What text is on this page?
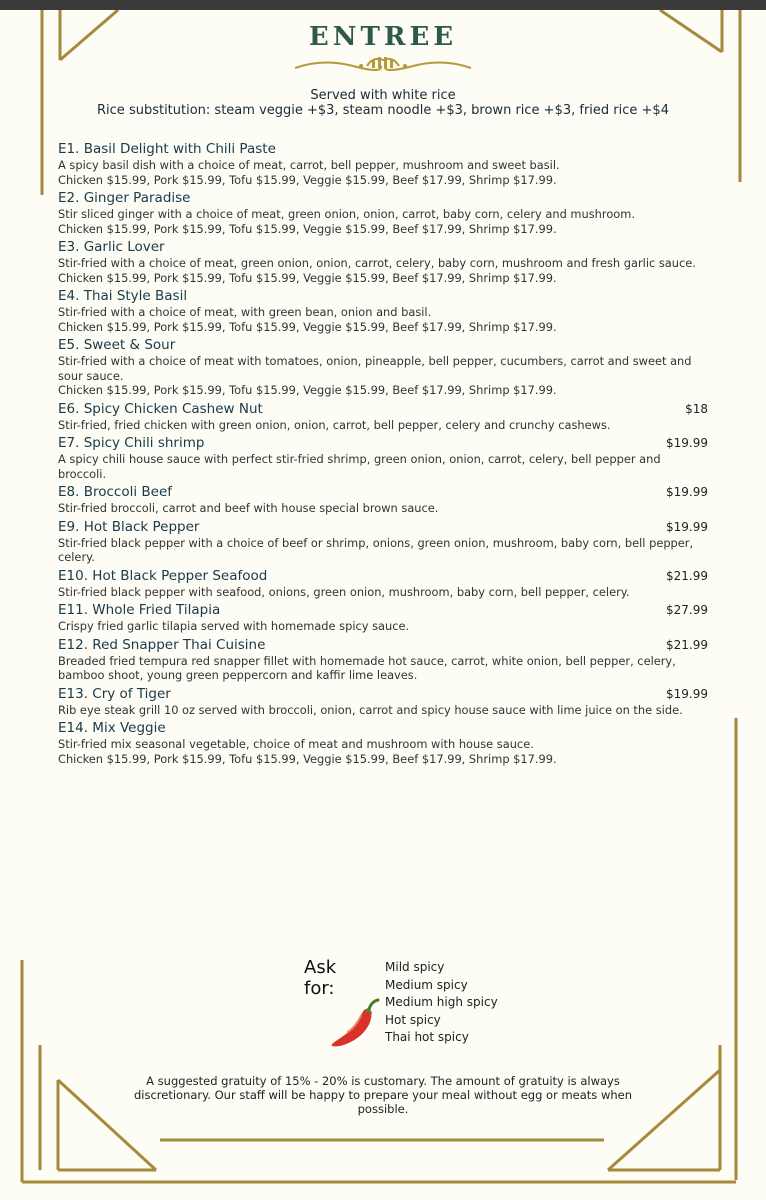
ENTREE
Served with white rice
Rice substitution: steam veggie +$3, steam noodle +$3, brown rice +$3, fried rice +$4
E1. Basil Delight with Chili Paste
A spicy basil dish with a choice of meat, carrot, bell pepper, mushroom and sweet basil.
Chicken $15.99, Pork $15.99, Tofu $15.99, Veggie $15.99, Beef $17.99, Shrimp $17.99.
E2. Ginger Paradise
Stir sliced ginger with a choice of meat, green onion, onion, carrot, baby corn, celery and mushroom.
Chicken $15.99, Pork $15.99, Tofu $15.99, Veggie $15.99, Beef $17.99, Shrimp $17.99.
E3. Garlic Lover
Stir-fried with a choice of meat, green onion, onion, carrot, celery, baby corn, mushroom and fresh garlic sauce.
Chicken $15.99, Pork $15.99, Tofu $15.99, Veggie $15.99, Beef $17.99, Shrimp $17.99.
E4. Thai Style Basil
Stir-fried with a choice of meat, with green bean, onion and basil.
Chicken $15.99, Pork $15.99, Tofu $15.99, Veggie $15.99, Beef $17.99, Shrimp $17.99.
E5. Sweet & Sour
Stir-fried with a choice of meat with tomatoes, onion, pineapple, bell pepper, cucumbers, carrot and sweet and sour sauce.
Chicken $15.99, Pork $15.99, Tofu $15.99, Veggie $15.99, Beef $17.99, Shrimp $17.99.
E6. Spicy Chicken Cashew Nut	$18
Stir-fried, fried chicken with green onion, onion, carrot, bell pepper, celery and crunchy cashews.
E7. Spicy Chili shrimp	$19.99
A spicy chili house sauce with perfect stir-fried shrimp, green onion, onion, carrot, celery, bell pepper and broccoli.
E8. Broccoli Beef	$19.99
Stir-fried broccoli, carrot and beef with house special brown sauce.
E9. Hot Black Pepper	$19.99
Stir-fried black pepper with a choice of beef or shrimp, onions, green onion, mushroom, baby corn, bell pepper, celery.
E10. Hot Black Pepper Seafood	$21.99
Stir-fried black pepper with seafood, onions, green onion, mushroom, baby corn, bell pepper, celery.
E11. Whole Fried Tilapia	$27.99
Crispy fried garlic tilapia served with homemade spicy sauce.
E12. Red Snapper Thai Cuisine	$21.99
Breaded fried tempura red snapper fillet with homemade hot sauce, carrot, white onion, bell pepper, celery, bamboo shoot, young green peppercorn and kaffir lime leaves.
E13. Cry of Tiger	$19.99
Rib eye steak grill 10 oz served with broccoli, onion, carrot and spicy house sauce with lime juice on the side.
E14. Mix Veggie
Stir-fried mix seasonal vegetable, choice of meat and mushroom with house sauce.
Chicken $15.99, Pork $15.99, Tofu $15.99, Veggie $15.99, Beef $17.99, Shrimp $17.99.
Ask for:
Mild spicy
Medium spicy
Medium high spicy
Hot spicy
Thai hot spicy
A suggested gratuity of 15% - 20% is customary. The amount of gratuity is always discretionary. Our staff will be happy to prepare your meal without egg or meats when possible.
